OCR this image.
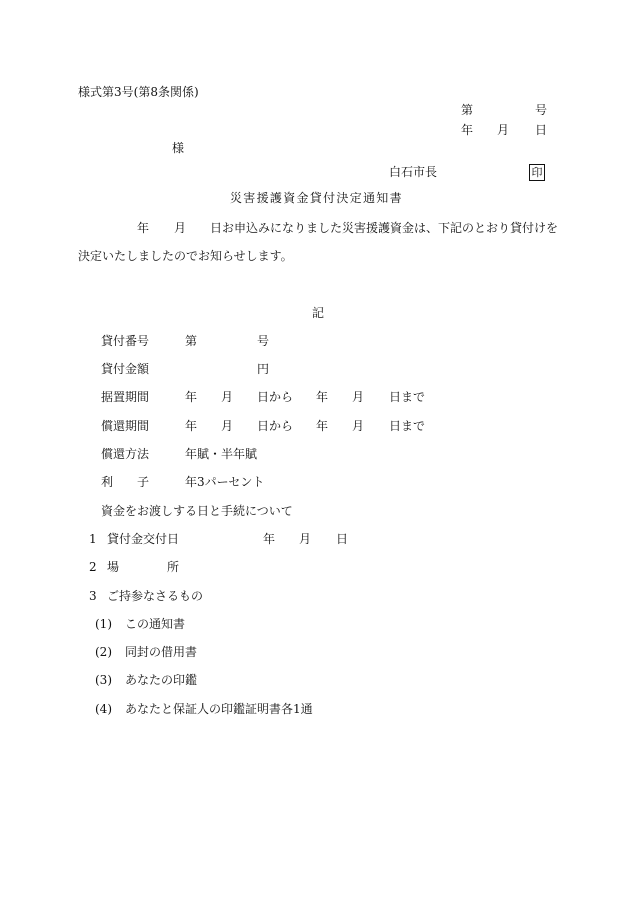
様式第3号(第8条関係)
第	号
年 月 日
様
白石市長	印
災害援護資金貸付決定通知書
年 月 日お申込みになりました災害援護資金は、下記のとおり貸付けを
決定いたしましたのでお知らせします。
記
貸付番号	第	号
貸付金額	円
据置期間	年 月 日から 年 月 日まで
償還期間	年 月 日から 年 月 日まで
償還方法	年賦・半年賦
利 子	年3パーセント
資金をお渡しする日と手続について
1 貸付金交付日	年 月 日
2 場	所
3 ご持参なさるもの
(1) この通知書
(2) 同封の借用書
(3) あなたの印鑑
(4) あなたと保証人の印鑑証明書各1通
